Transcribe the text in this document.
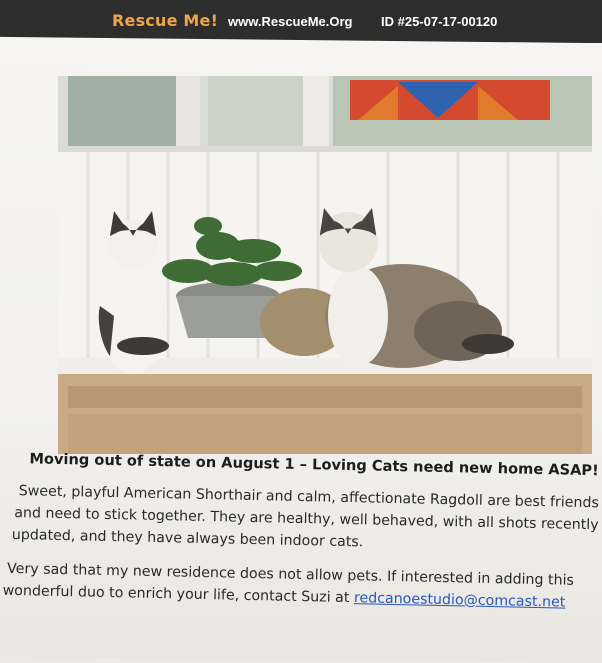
Rescue Me! www.RescueMe.Org ID #25-07-17-00120
Moving out of state on August 1 – Loving Cats need new home ASAP!
Sweet, playful American Shorthair and calm, affectionate Ragdoll are best friends
and need to stick together. They are healthy, well behaved, with all shots recently
updated, and they have always been indoor cats.
Very sad that my new residence does not allow pets. If interested in adding this
wonderful duo to enrich your life, contact Suzi at redcanoestudio@comcast.net
